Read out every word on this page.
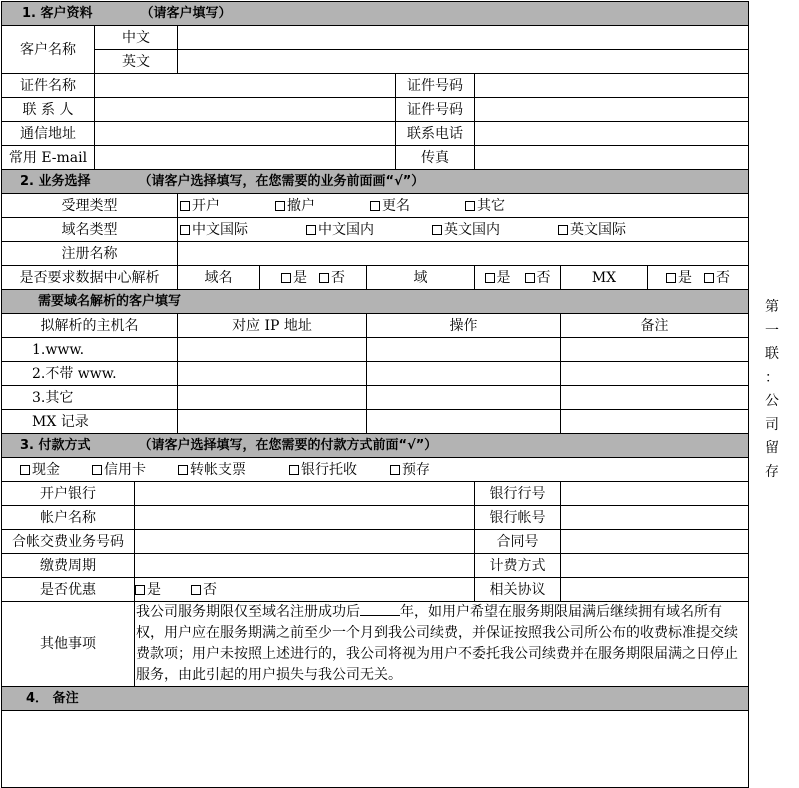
1. 客户资料 （请客户填写）									
客户名称	中文								
	英文								
证件名称						证件号码			
联 系 人						证件号码			
通信地址						联系电话			
常用 E-mail						传真			
2. 业务选择 （请客户选择填写，在您需要的业务前面画“√”）									
受理类型			开户 撤户 更名 其它						
域名类型			中文国际 中文国内 英文国内 英文国际						
注册名称									
是否要求数据中心解析			域名	是 否	域		是 否	MX	是 否
需要域名解析的客户填写									
拟解析的主机名			对应 IP 地址		操作			备注	
1.www.									
2.不带 www.									
3.其它									
MX 记录									
3. 付款方式 （请客户选择填写，在您需要的付款方式前面“√”）									
现金 信用卡 转帐支票 银行托收 预存									
开户银行							银行行号		
帐户名称							银行帐号		
合帐交费业务号码							合同号		
缴费周期							计费方式		
是否优惠		是 否					相关协议		
其他事项		我公司服务期限仅至域名注册成功后 年，如用户希望在服务期限届满后继续拥有域名所有权，用户应在服务期满之前至少一个月到我公司续费，并保证按照我公司所公布的收费标准提交续费款项；用户未按照上述进行的，我公司将视为用户不委托我公司续费并在服务期限届满之日停止服务，由此引起的用户损失与我公司无关。							
4． 备注									

第
一
联
：
公
司
留
存
